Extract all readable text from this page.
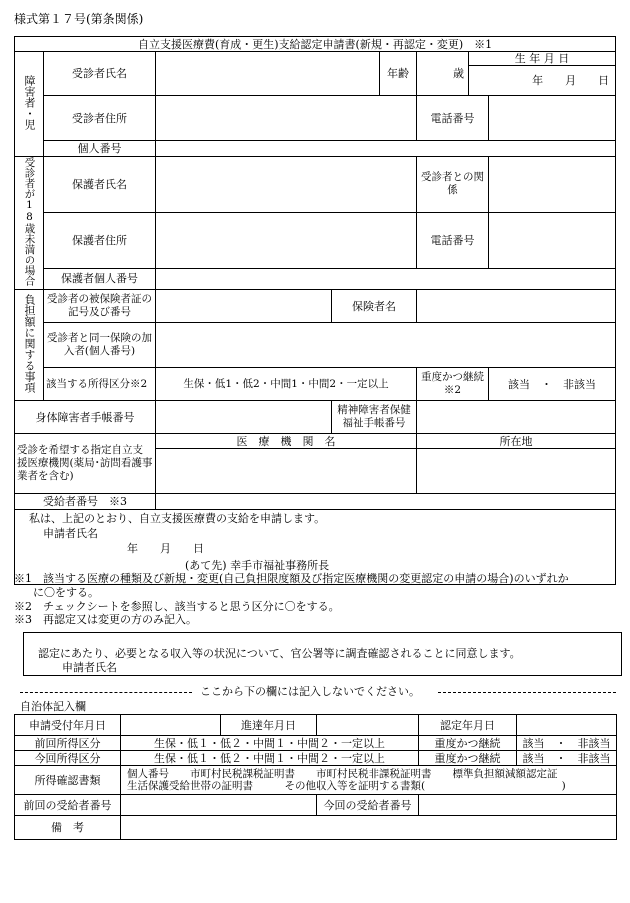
様式第１７号(第条関係)
自立支援医療費(育成・更生)支給認定申請書(新規・再認定・変更)　※1							
障害者・児	受診者氏名			年齢	歳	生 年 月 日	
						年　　月　　日	
	受診者住所				電話番号		
	個人番号						
受診者が18歳未満の場合	保護者氏名				受診者との関係		
	保護者住所				電話番号		
	保護者個人番号						
負担額に関する事項	受診者の被保険者証の記号及び番号		保険者名				
	受診者と同一保険の加入者(個人番号)						
	該当する所得区分※2	生保・低1・低2・中間1・中間2・一定以上			重度かつ継続 ※2		該当　・　非該当
身体障害者手帳番号			精神障害者保健福祉手帳番号				
受診を希望する指定自立支援医療機関(薬局･訪問看護事業者を含む)		医　療　機　関　名			所在地		

受給者番号　※3							

私は、上記のとおり、自立支援医療費の支給を申請します。
申請者氏名
年　　月　　日
(あて先) 幸手市福祉事務所長							
※1　該当する医療の種類及び新規・変更(自己負担限度額及び指定医療機関の変更認定の申請の場合)のいずれか
に〇をする。
※2　チェックシートを参照し、該当すると思う区分に〇をする。
※3　再認定又は変更の方のみ記入。
認定にあたり、必要となる収入等の状況について、官公署等に調査確認されることに同意します。
申請者氏名
ここから下の欄には記入しないでください。
自治体記入欄
申請受付年月日		進達年月日		認定年月日	
前回所得区分	生保・低１・低２・中間１・中間２・一定以上			重度かつ継続	該当　・　非該当
今回所得区分	生保・低１・低２・中間１・中間２・一定以上			重度かつ継続	該当　・　非該当
所得確認書類	個人番号　　市町村民税課税証明書　　市町村民税非課税証明書　　標準負担額減額認定証
生活保護受給世帯の証明書　　　その他収入等を証明する書類(　　　　　　　　　　　　　)				

前回の受給者番号			今回の受給者番号		
備　考					
